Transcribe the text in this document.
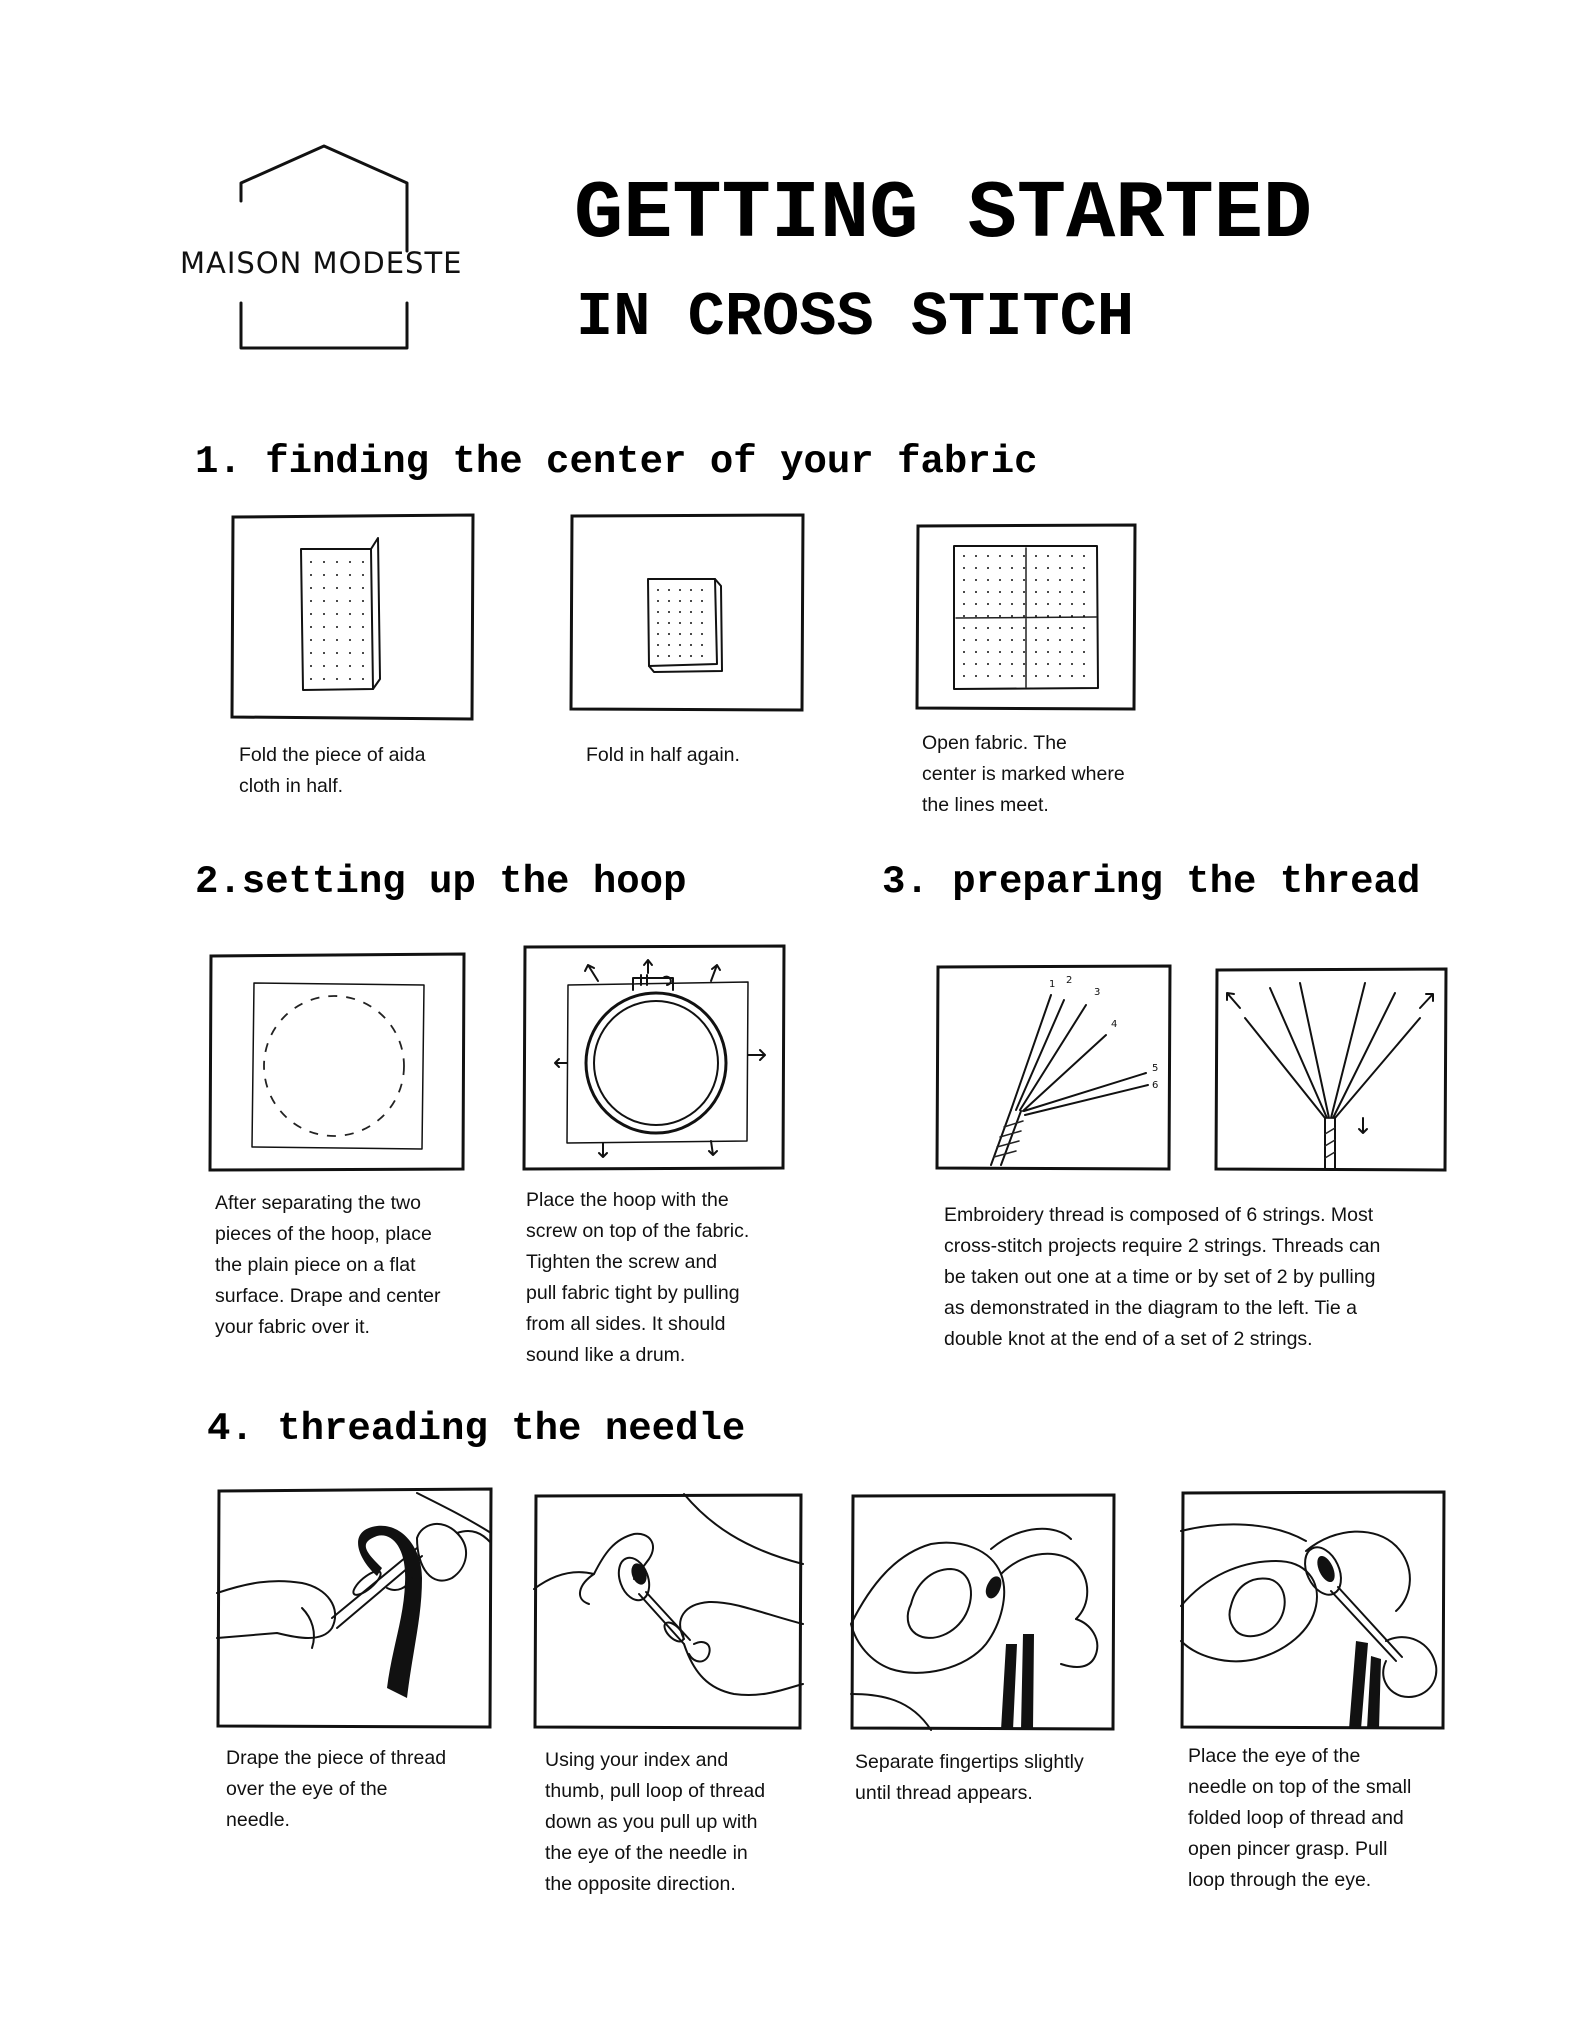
MAISON MODESTE
GETTING STARTED
IN CROSS STITCH
1. finding the center of your fabric
Fold the piece of aida
cloth in half.
Fold in half again.
Open fabric. The
center is marked where
the lines meet.
2.setting up the hoop
After separating the two
pieces of the hoop, place
the plain piece on a flat
surface. Drape and center
your fabric over it.
Place the hoop with the
screw on top of the fabric.
Tighten the screw and
pull fabric tight by pulling
from all sides. It should
sound like a drum.
3. preparing the thread
1 2
3
4
5
6
Embroidery thread is composed of 6 strings. Most
cross-stitch projects require 2 strings. Threads can
be taken out one at a time or by set of 2 by pulling
as demonstrated in the diagram to the left. Tie a
double knot at the end of a set of 2 strings.
4. threading the needle
Drape the piece of thread
over the eye of the
needle.
Using your index and
thumb, pull loop of thread
down as you pull up with
the eye of the needle in
the opposite direction.
Separate fingertips slightly
until thread appears.
Place the eye of the
needle on top of the small
folded loop of thread and
open pincer grasp. Pull
loop through the eye.
